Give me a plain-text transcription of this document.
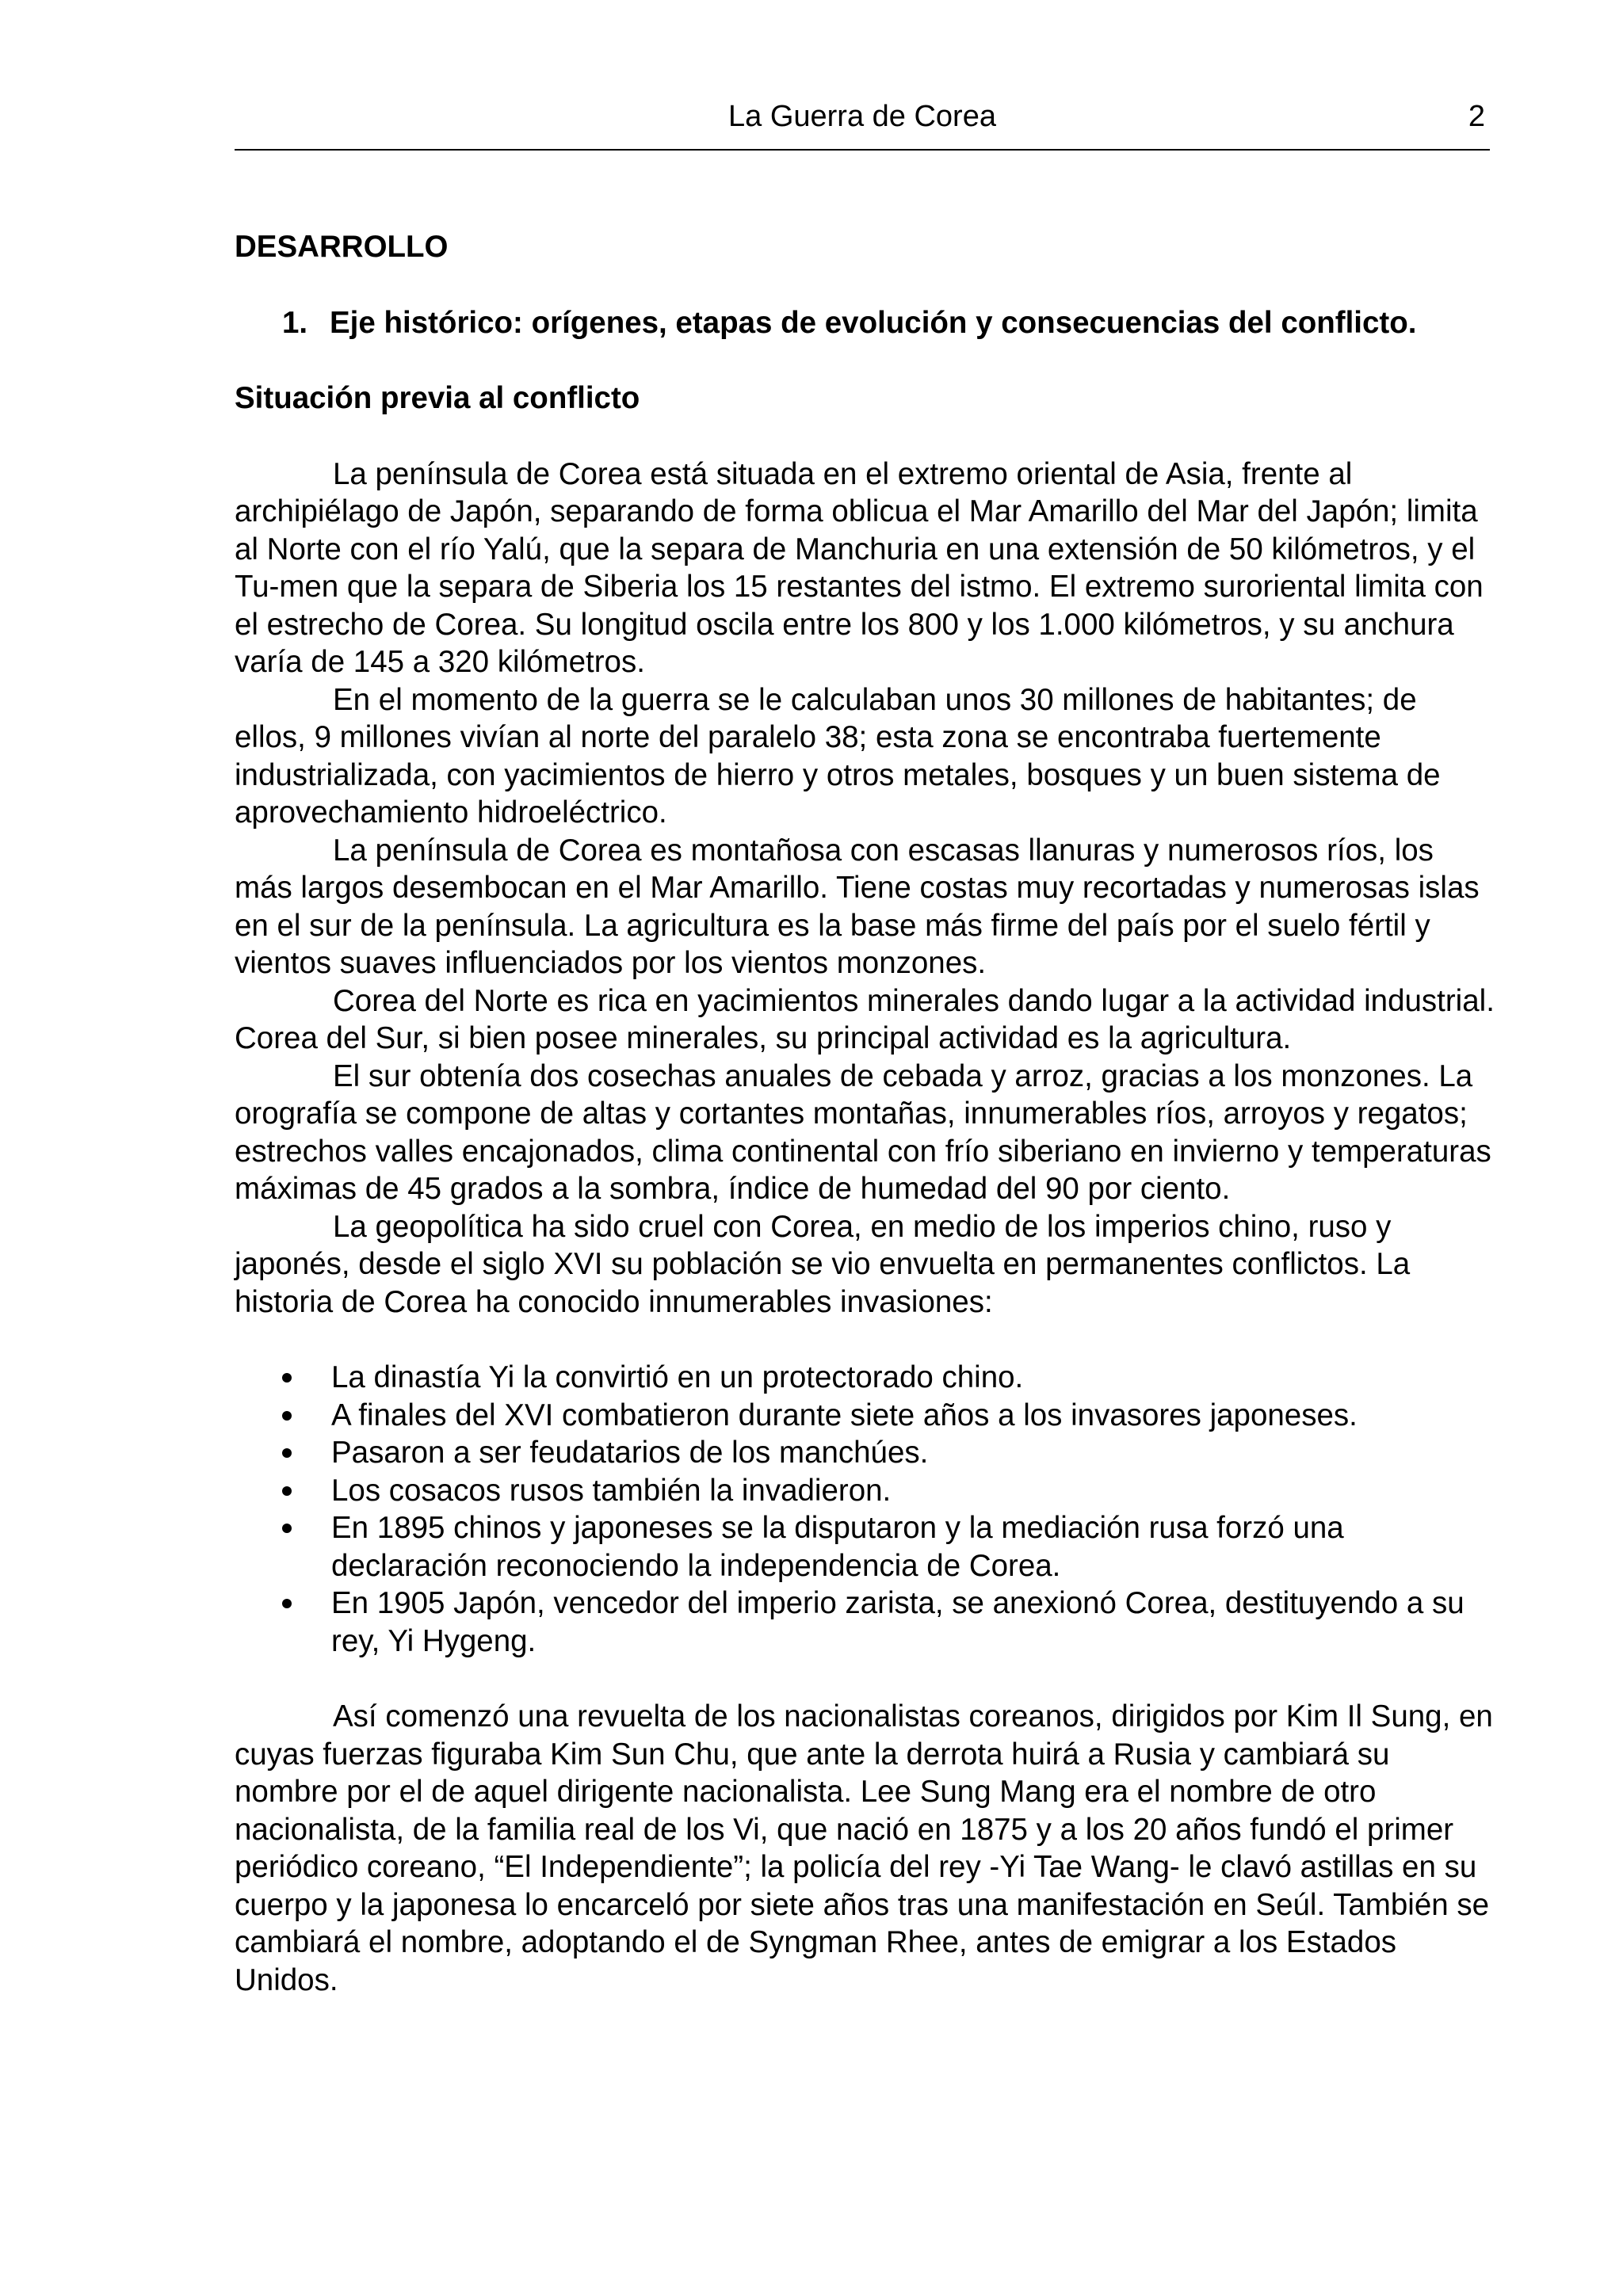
La Guerra de Corea	2

DESARROLLO

1. Eje histórico: orígenes, etapas de evolución y consecuencias del conflicto.
Situación previa al conflicto

La península de Corea está situada en el extremo oriental de Asia, frente al archipiélago de Japón, separando de forma oblicua el Mar Amarillo del Mar del Japón; limita al Norte con el río Yalú, que la separa de Manchuria en una extensión de 50 kilómetros, y el Tu-men que la separa de Siberia los 15 restantes del istmo. El extremo suroriental limita con el estrecho de Corea. Su longitud oscila entre los 800 y los 1.000 kilómetros, y su anchura varía de 145 a 320 kilómetros.

En el momento de la guerra se le calculaban unos 30 millones de habitantes; de ellos, 9 millones vivían al norte del paralelo 38; esta zona se encontraba fuertemente industrializada, con yacimientos de hierro y otros metales, bosques y un buen sistema de aprovechamiento hidroeléctrico.

La península de Corea es montañosa con escasas llanuras y numerosos ríos, los más largos desembocan en el Mar Amarillo. Tiene costas muy recortadas y numerosas islas en el sur de la península. La agricultura es la base más firme del país por el suelo fértil y vientos suaves influenciados por los vientos monzones.

Corea del Norte es rica en yacimientos minerales dando lugar a la actividad industrial. Corea del Sur, si bien posee minerales, su principal actividad es la agricultura.

El sur obtenía dos cosechas anuales de cebada y arroz, gracias a los monzones. La orografía se compone de altas y cortantes montañas, innumerables ríos, arroyos y regatos; estrechos valles encajonados, clima continental con frío siberiano en invierno y temperaturas máximas de 45 grados a la sombra, índice de humedad del 90 por ciento.

La geopolítica ha sido cruel con Corea, en medio de los imperios chino, ruso y japonés, desde el siglo XVI su población se vio envuelta en permanentes conflictos. La historia de Corea ha conocido innumerables invasiones:

La dinastía Yi la convirtió en un protectorado chino.
A finales del XVI combatieron durante siete años a los invasores japoneses.
Pasaron a ser feudatarios de los manchúes.
Los cosacos rusos también la invadieron.
En 1895 chinos y japoneses se la disputaron y la mediación rusa forzó una declaración reconociendo la independencia de Corea.
En 1905 Japón, vencedor del imperio zarista, se anexionó Corea, destituyendo a su rey, Yi Hygeng.

Así comenzó una revuelta de los nacionalistas coreanos, dirigidos por Kim Il Sung, en cuyas fuerzas figuraba Kim Sun Chu, que ante la derrota huirá a Rusia y cambiará su nombre por el de aquel dirigente nacionalista. Lee Sung Mang era el nombre de otro nacionalista, de la familia real de los Vi, que nació en 1875 y a los 20 años fundó el primer periódico coreano, “El Independiente”; la policía del rey -Yi Tae Wang- le clavó astillas en su cuerpo y la japonesa lo encarceló por siete años tras una manifestación en Seúl. También se cambiará el nombre, adoptando el de Syngman Rhee, antes de emigrar a los Estados Unidos.
